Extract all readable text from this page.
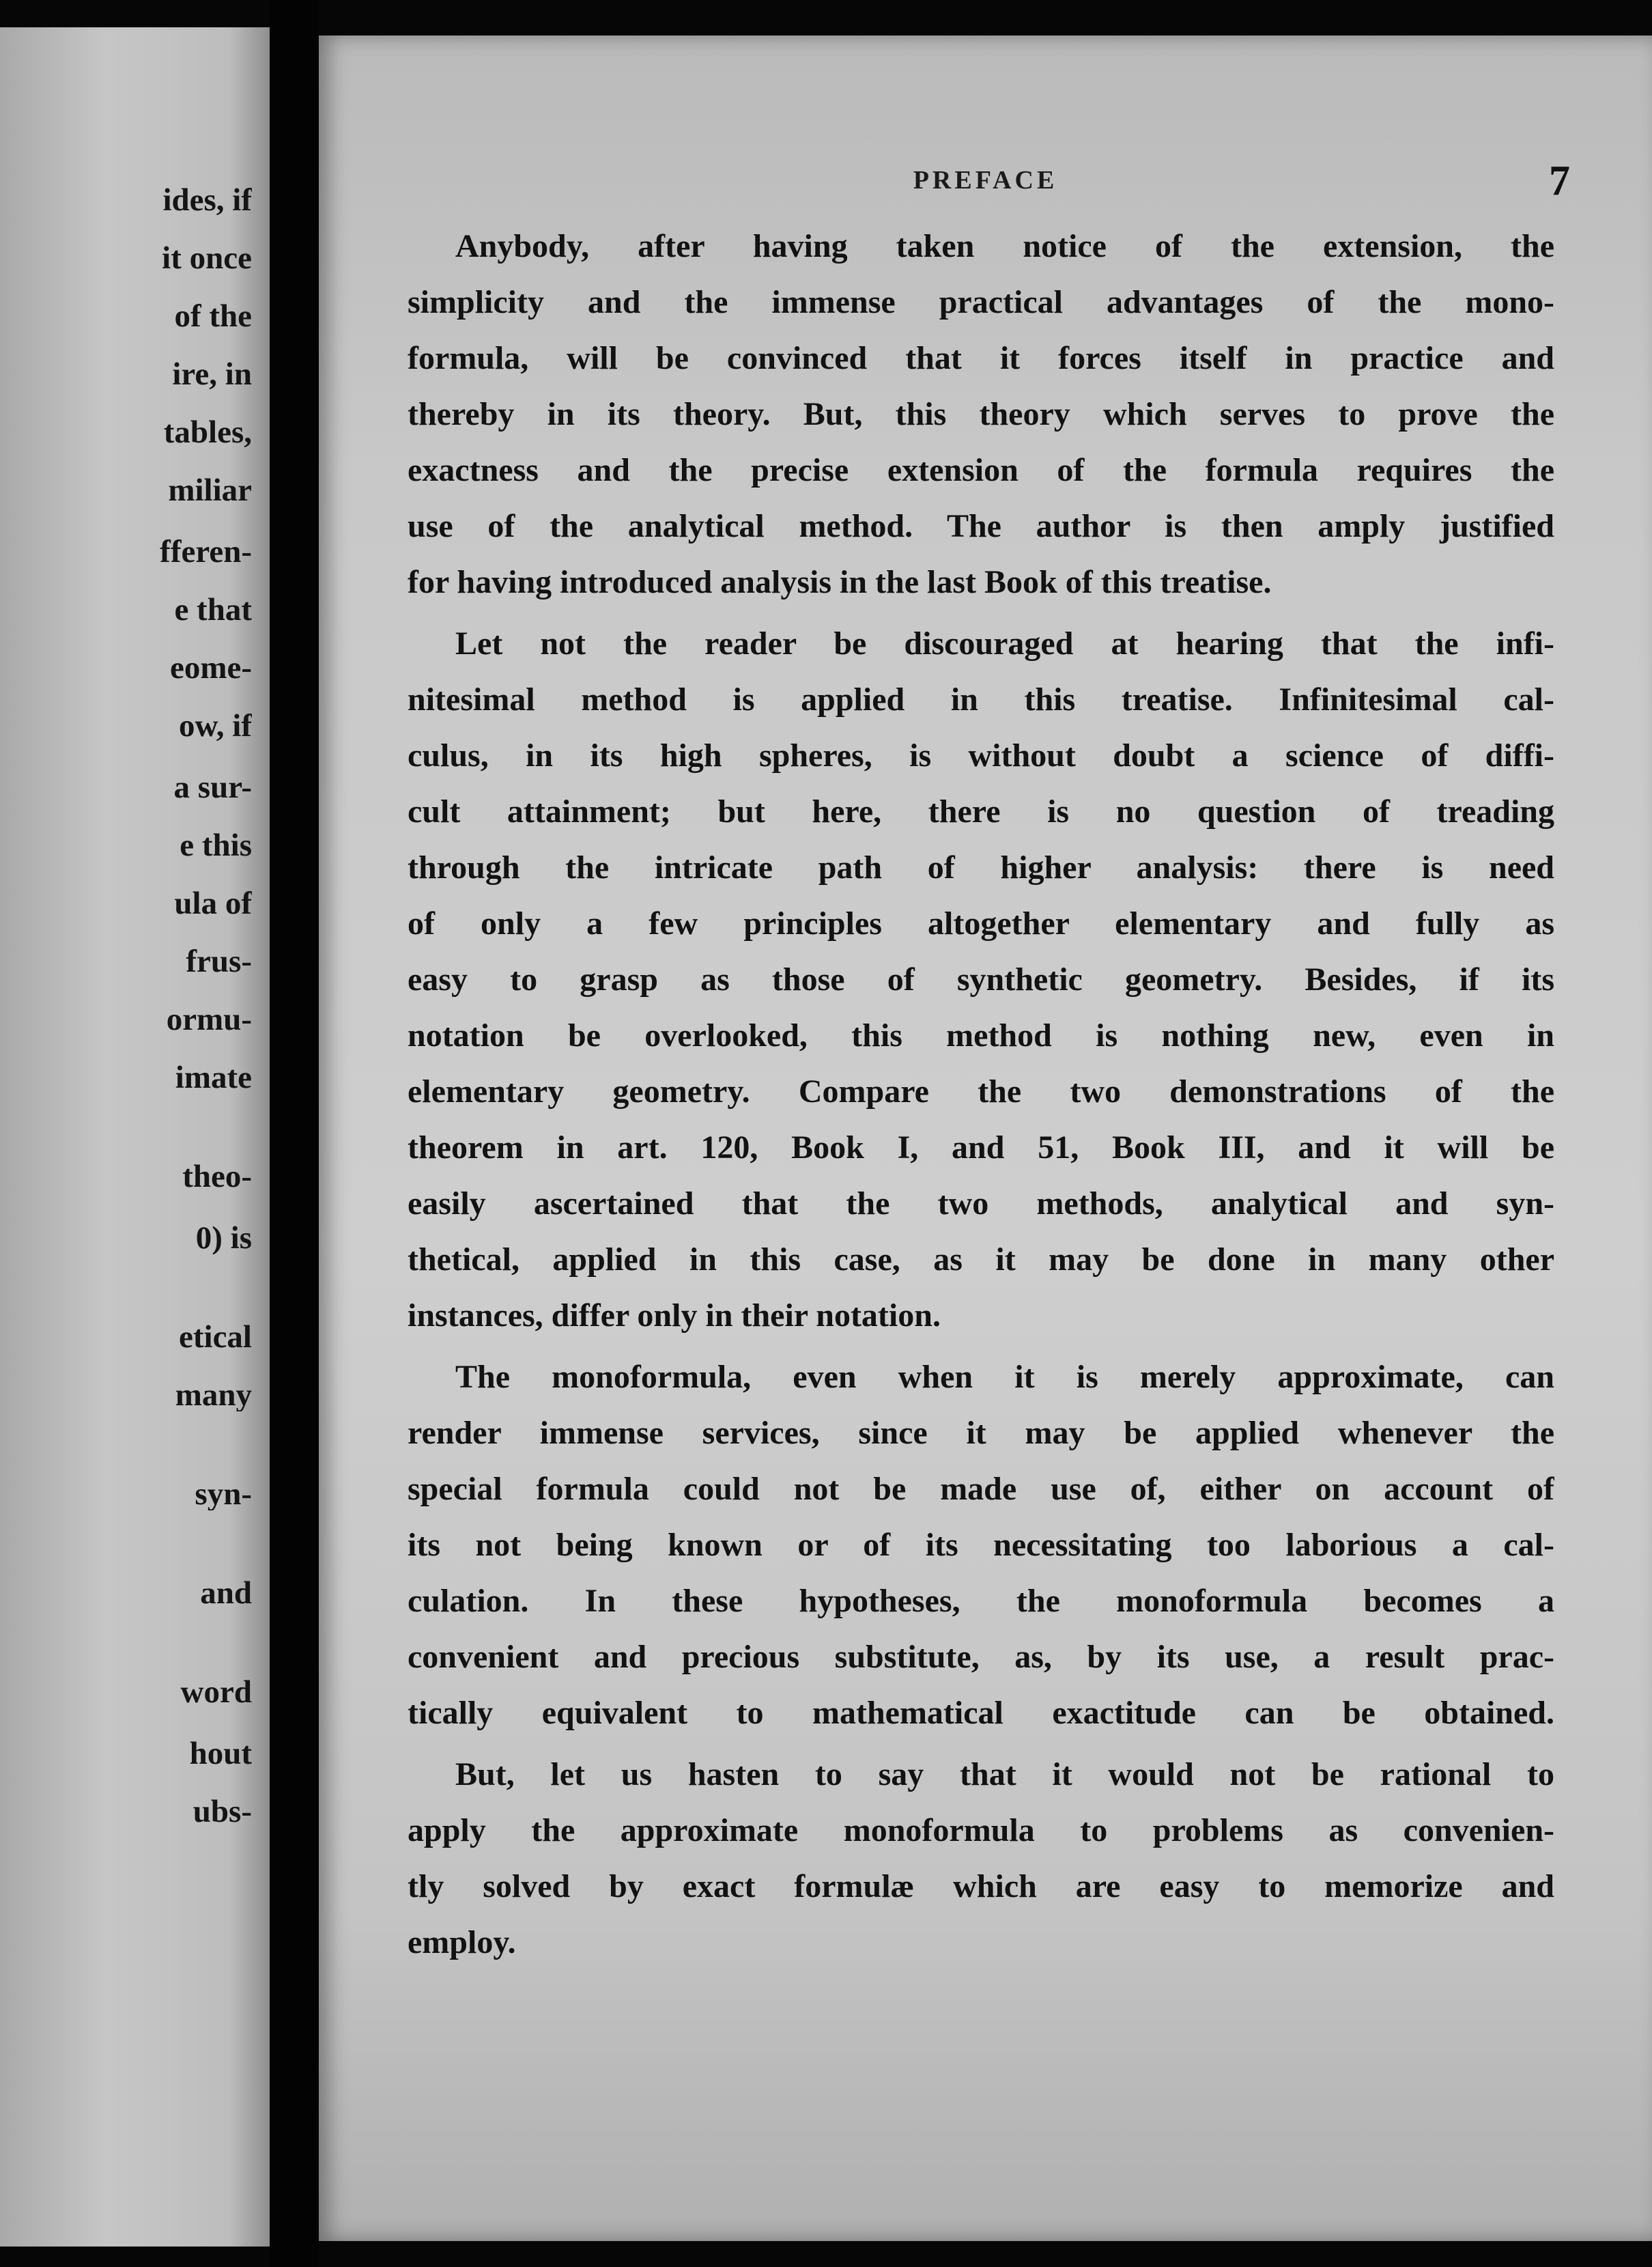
ides, if
it once
of the
ire, in
tables,
miliar
fferen-
e that
eome-
ow, if
a sur-
e this
ula of
frus-
ormu-
imate
theo-
0) is
etical
many
syn-
and
word
hout
ubs-
PREFACE	7
Anybody, after having taken notice of the extension, the
simplicity and the immense practical advantages of the mono-
formula, will be convinced that it forces itself in practice and
thereby in its theory. But, this theory which serves to prove the
exactness and the precise extension of the formula requires the
use of the analytical method. The author is then amply justified
for having introduced analysis in the last Book of this treatise.
Let not the reader be discouraged at hearing that the infi-
nitesimal method is applied in this treatise. Infinitesimal cal-
culus, in its high spheres, is without doubt a science of diffi-
cult attainment; but here, there is no question of treading
through the intricate path of higher analysis: there is need
of only a few principles altogether elementary and fully as
easy to grasp as those of synthetic geometry. Besides, if its
notation be overlooked, this method is nothing new, even in
elementary geometry. Compare the two demonstrations of the
theorem in art. 120, Book I, and 51, Book III, and it will be
easily ascertained that the two methods, analytical and syn-
thetical, applied in this case, as it may be done in many other
instances, differ only in their notation.
The monoformula, even when it is merely approximate, can
render immense services, since it may be applied whenever the
special formula could not be made use of, either on account of
its not being known or of its necessitating too laborious a cal-
culation. In these hypotheses, the monoformula becomes a
convenient and precious substitute, as, by its use, a result prac-
tically equivalent to mathematical exactitude can be obtained.
But, let us hasten to say that it would not be rational to
apply the approximate monoformula to problems as convenien-
tly solved by exact formulæ which are easy to memorize and
employ.
